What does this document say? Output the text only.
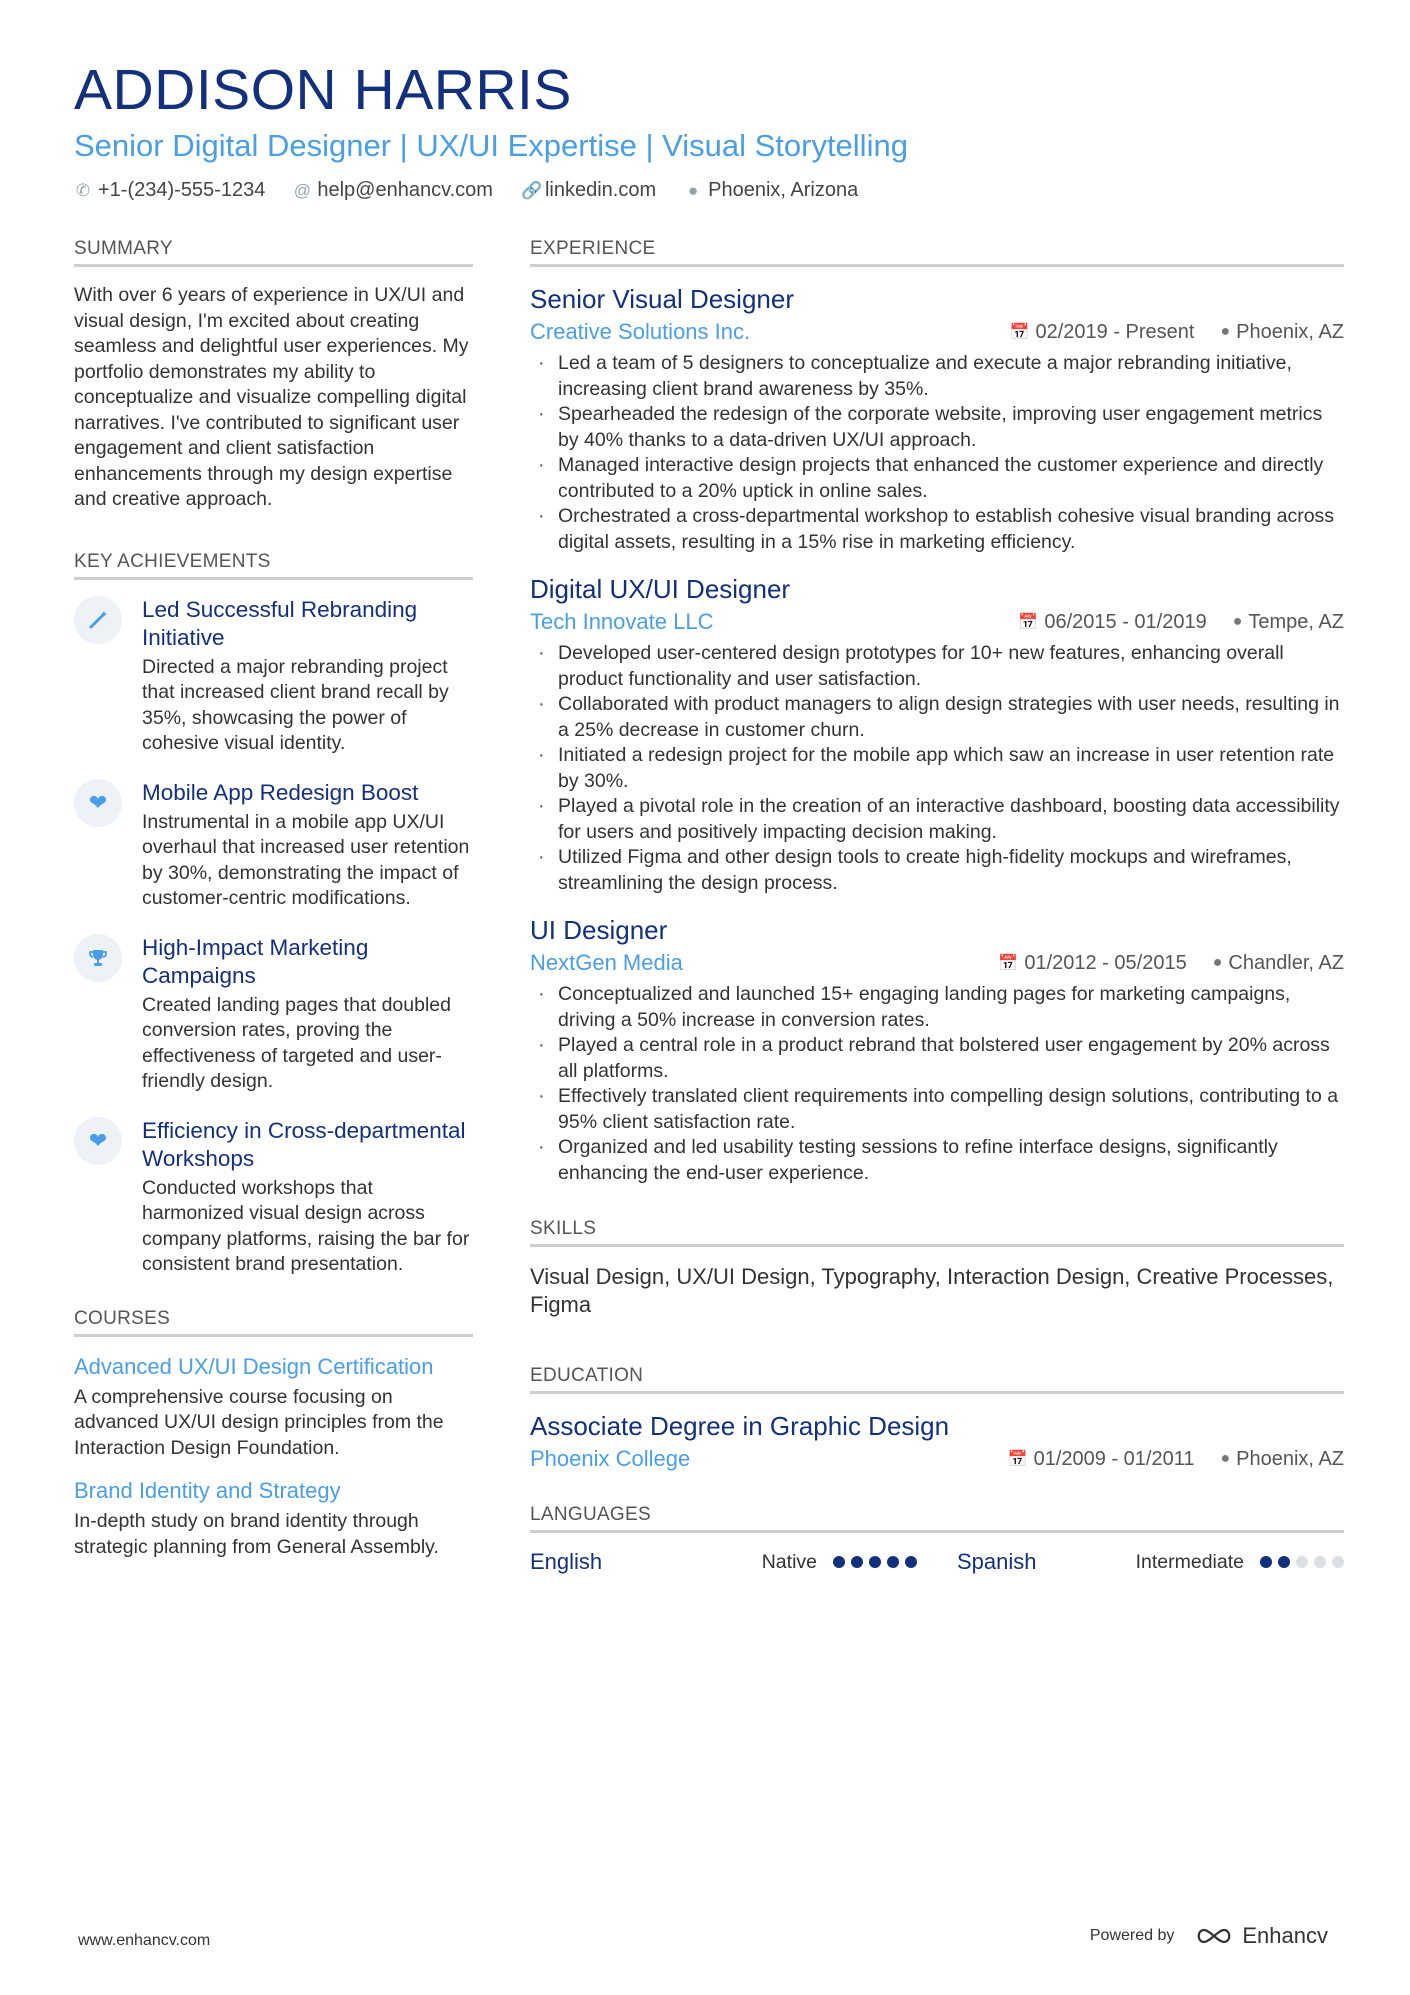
ADDISON HARRIS
Senior Digital Designer | UX/UI Expertise | Visual Storytelling
✆ +1-(234)-555-1234 @ help@enhancv.com 🔗 linkedin.com ● Phoenix, Arizona
SUMMARY
With over 6 years of experience in UX/UI and visual design, I'm excited about creating seamless and delightful user experiences. My portfolio demonstrates my ability to conceptualize and visualize compelling digital narratives. I've contributed to significant user engagement and client satisfaction enhancements through my design expertise and creative approach.
KEY ACHIEVEMENTS
Led Successful Rebranding Initiative
Directed a major rebranding project that increased client brand recall by 35%, showcasing the power of cohesive visual identity.
❤	Mobile App Redesign Boost
Instrumental in a mobile app UX/UI overhaul that increased user retention by 30%, demonstrating the impact of customer-centric modifications.
High-Impact Marketing Campaigns
Created landing pages that doubled conversion rates, proving the effectiveness of targeted and user-friendly design.
❤	Efficiency in Cross-departmental Workshops
Conducted workshops that harmonized visual design across company platforms, raising the bar for consistent brand presentation.
COURSES
Advanced UX/UI Design Certification
A comprehensive course focusing on advanced UX/UI design principles from the Interaction Design Foundation.
Brand Identity and Strategy
In-depth study on brand identity through strategic planning from General Assembly.
EXPERIENCE
Senior Visual Designer
Creative Solutions Inc.	📅 02/2019 - Present ● Phoenix, AZ
· Led a team of 5 designers to conceptualize and execute a major rebranding initiative, increasing client brand awareness by 35%.
· Spearheaded the redesign of the corporate website, improving user engagement metrics by 40% thanks to a data-driven UX/UI approach.
· Managed interactive design projects that enhanced the customer experience and directly contributed to a 20% uptick in online sales.
· Orchestrated a cross-departmental workshop to establish cohesive visual branding across digital assets, resulting in a 15% rise in marketing efficiency.
Digital UX/UI Designer
Tech Innovate LLC	📅 06/2015 - 01/2019 ● Tempe, AZ
· Developed user-centered design prototypes for 10+ new features, enhancing overall product functionality and user satisfaction.
· Collaborated with product managers to align design strategies with user needs, resulting in a 25% decrease in customer churn.
· Initiated a redesign project for the mobile app which saw an increase in user retention rate by 30%.
· Played a pivotal role in the creation of an interactive dashboard, boosting data accessibility for users and positively impacting decision making.
· Utilized Figma and other design tools to create high-fidelity mockups and wireframes, streamlining the design process.
UI Designer
NextGen Media	📅 01/2012 - 05/2015 ● Chandler, AZ
· Conceptualized and launched 15+ engaging landing pages for marketing campaigns, driving a 50% increase in conversion rates.
· Played a central role in a product rebrand that bolstered user engagement by 20% across all platforms.
· Effectively translated client requirements into compelling design solutions, contributing to a 95% client satisfaction rate.
· Organized and led usability testing sessions to refine interface designs, significantly enhancing the end-user experience.
SKILLS
Visual Design, UX/UI Design, Typography, Interaction Design, Creative Processes, Figma
EDUCATION
Associate Degree in Graphic Design
Phoenix College	📅 01/2009 - 01/2011 ● Phoenix, AZ
LANGUAGES
English	Native	Spanish	Intermediate
www.enhancv.com	Powered by	Enhancv
